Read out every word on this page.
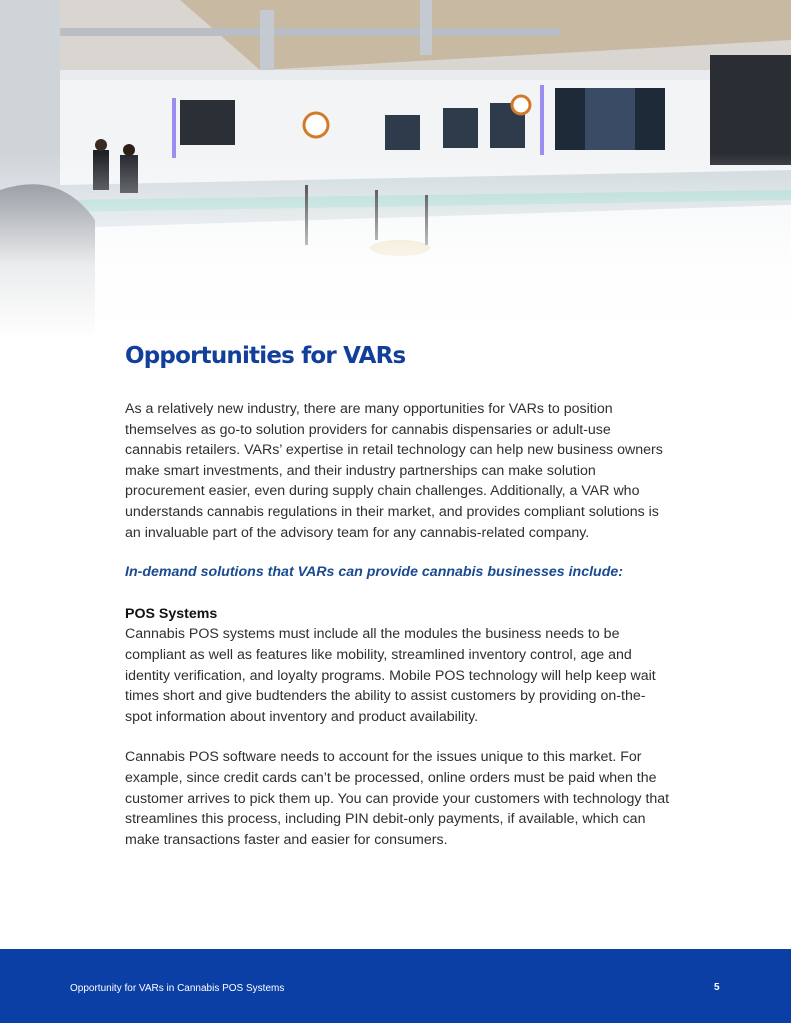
Opportunities for VARs

As a relatively new industry, there are many opportunities for VARs to position themselves as go-to solution providers for cannabis dispensaries or adult-use cannabis retailers. VARs’ expertise in retail technology can help new business owners make smart investments, and their industry partnerships can make solution procurement easier, even during supply chain challenges. Additionally, a VAR who understands cannabis regulations in their market, and provides compliant solutions is an invaluable part of the advisory team for any cannabis-related company.

In-demand solutions that VARs can provide cannabis businesses include:

POS Systems

Cannabis POS systems must include all the modules the business needs to be compliant as well as features like mobility, streamlined inventory control, age and identity verification, and loyalty programs. Mobile POS technology will help keep wait times short and give budtenders the ability to assist customers by providing on-the-spot information about inventory and product availability.

Cannabis POS software needs to account for the issues unique to this market. For example, since credit cards can’t be processed, online orders must be paid when the customer arrives to pick them up. You can provide your customers with technology that streamlines this process, including PIN debit-only payments, if available, which can make transactions faster and easier for consumers.

Opportunity for VARs in Cannabis POS Systems	5
